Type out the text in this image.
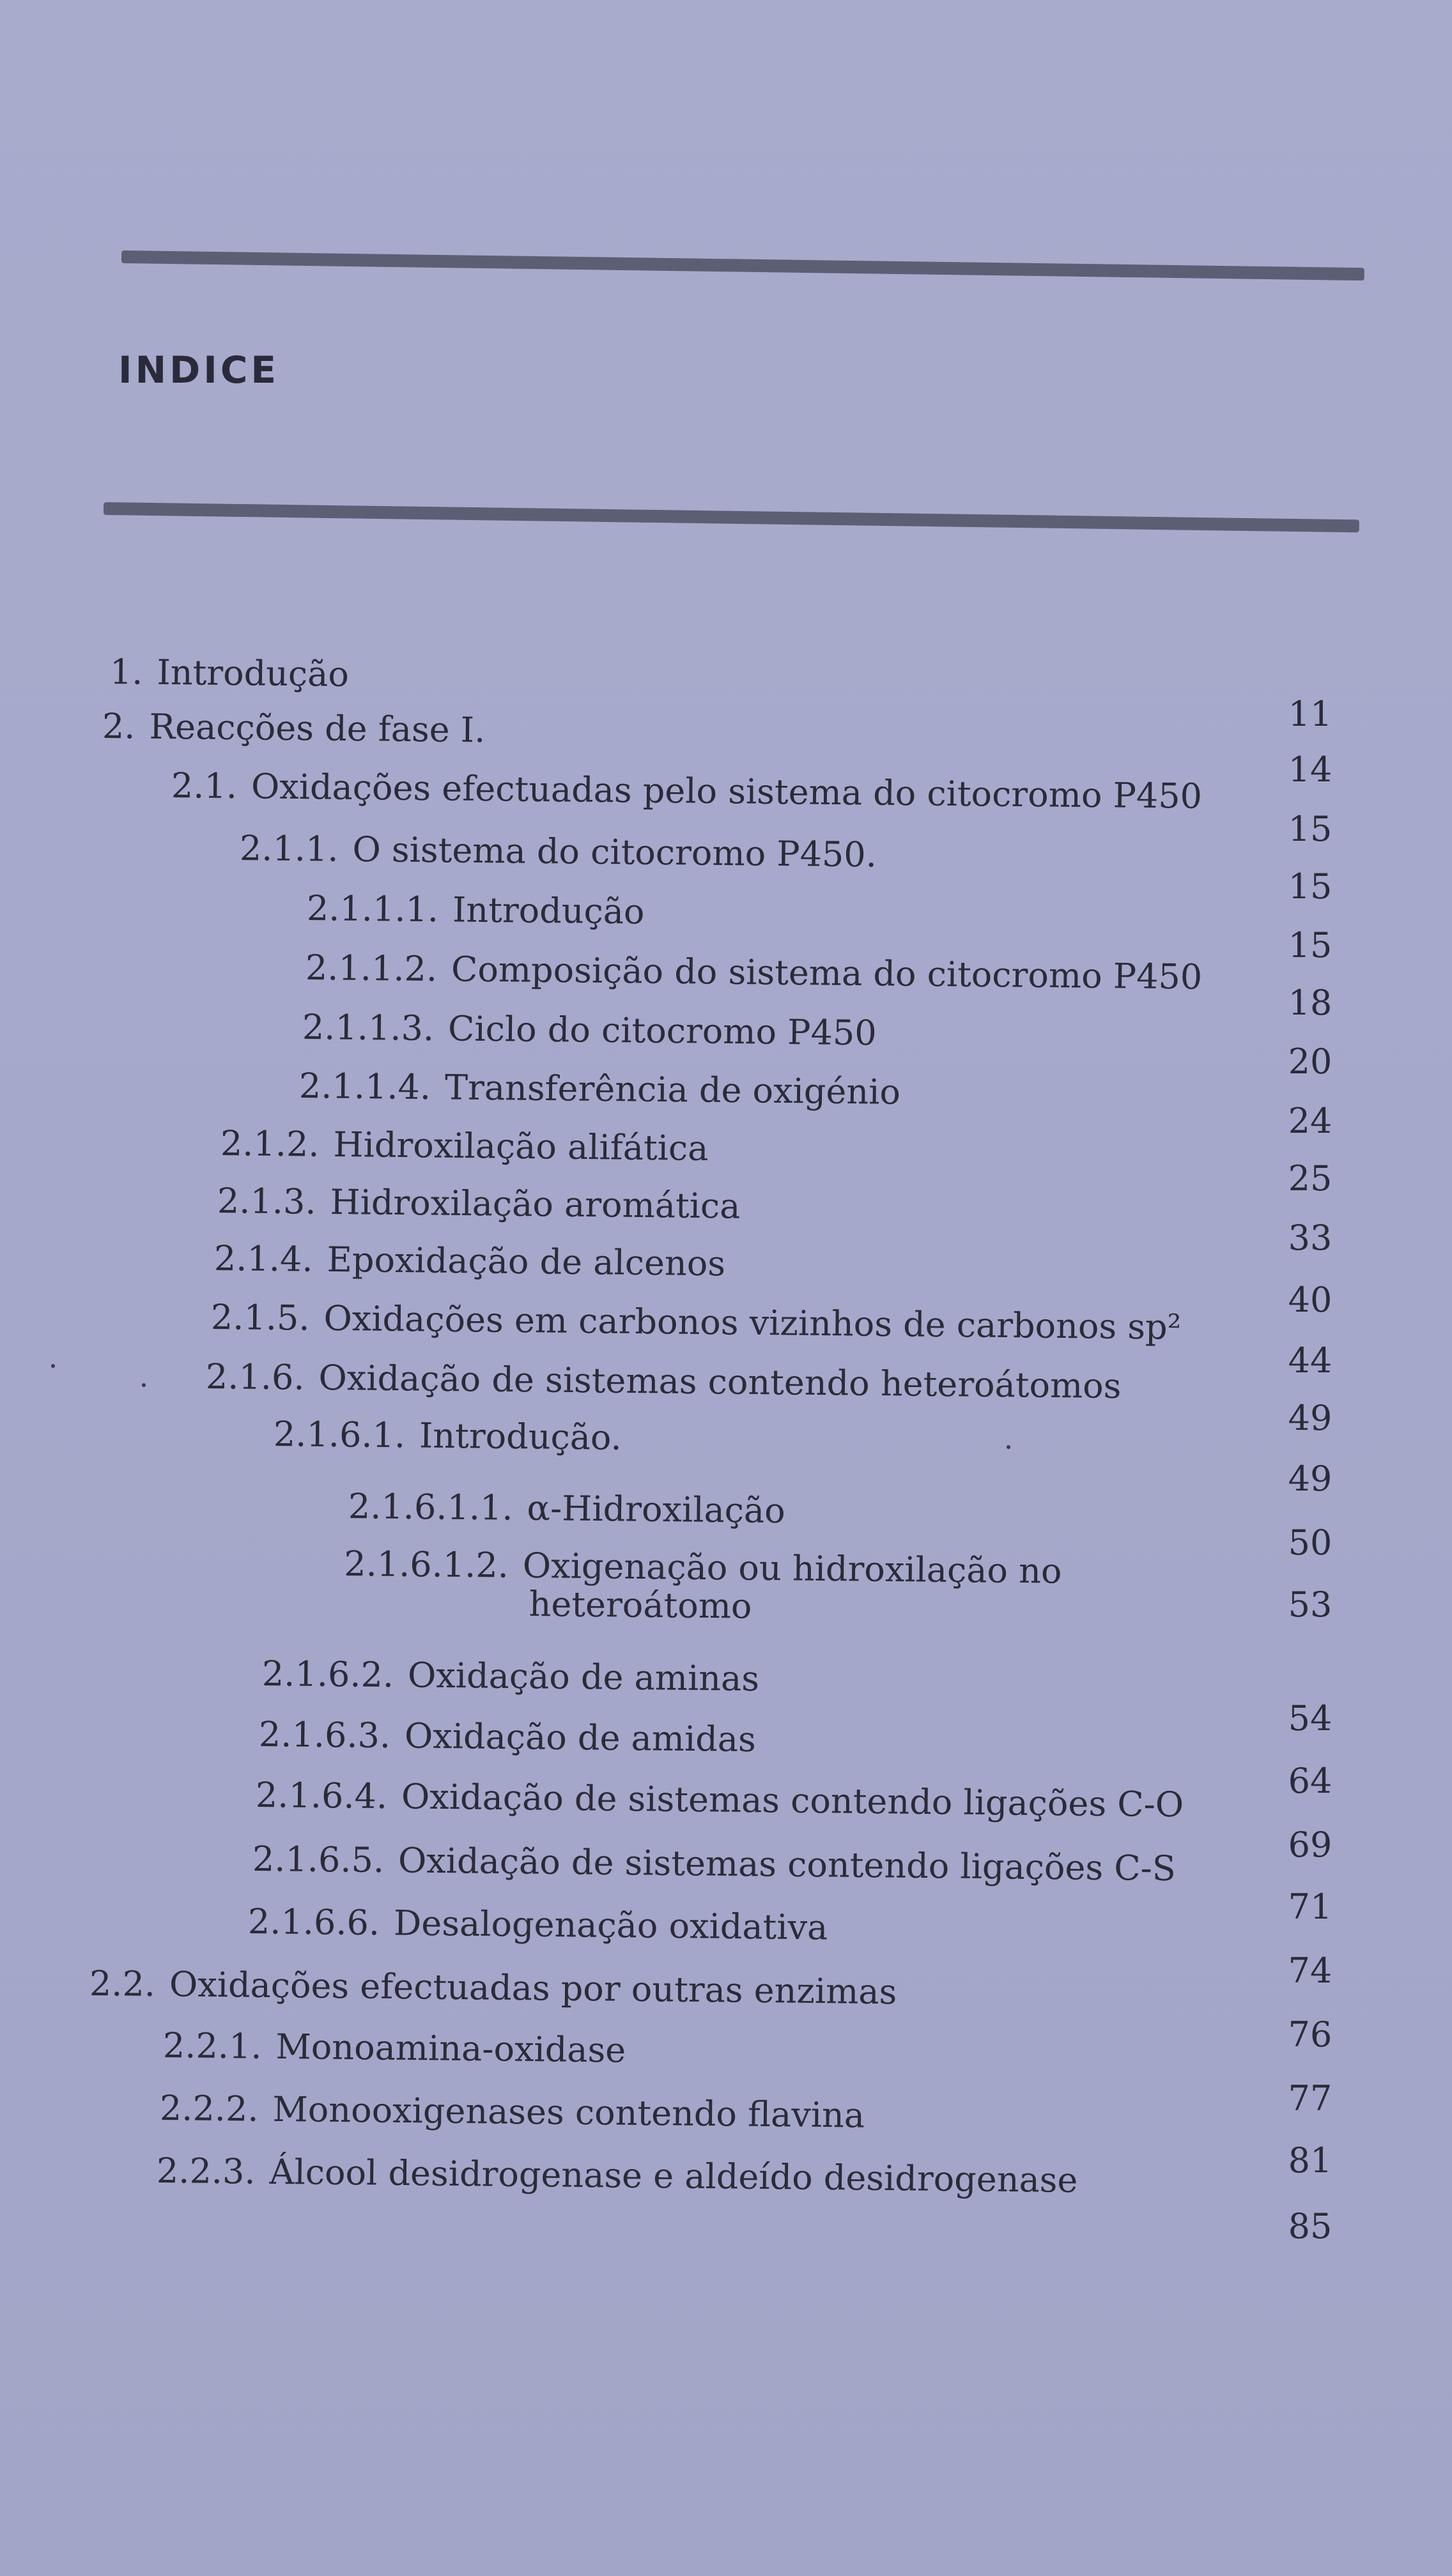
INDICE
1. Introdução
2. Reacções de fase I.
2.1. Oxidações efectuadas pelo sistema do citocromo P450
2.1.1. O sistema do citocromo P450.
2.1.1.1. Introdução
2.1.1.2. Composição do sistema do citocromo P450
2.1.1.3. Ciclo do citocromo P450
2.1.1.4. Transferência de oxigénio
2.1.2. Hidroxilação alifática
2.1.3. Hidroxilação aromática
2.1.4. Epoxidação de alcenos
2.1.5. Oxidações em carbonos vizinhos de carbonos sp²
2.1.6. Oxidação de sistemas contendo heteroátomos
2.1.6.1. Introdução.
2.1.6.1.1. α-Hidroxilação
2.1.6.1.2. Oxigenação ou hidroxilação no
heteroátomo
2.1.6.2. Oxidação de aminas
2.1.6.3. Oxidação de amidas
2.1.6.4. Oxidação de sistemas contendo ligações C-O
2.1.6.5. Oxidação de sistemas contendo ligações C-S
2.1.6.6. Desalogenação oxidativa
2.2. Oxidações efectuadas por outras enzimas
2.2.1. Monoamina-oxidase
2.2.2. Monooxigenases contendo flavina
2.2.3. Álcool desidrogenase e aldeído desidrogenase
11
14
15
15
15
18
20
24
25
33
40
44
49
49
50
53
54
64
69
71
74
76
77
81
85
